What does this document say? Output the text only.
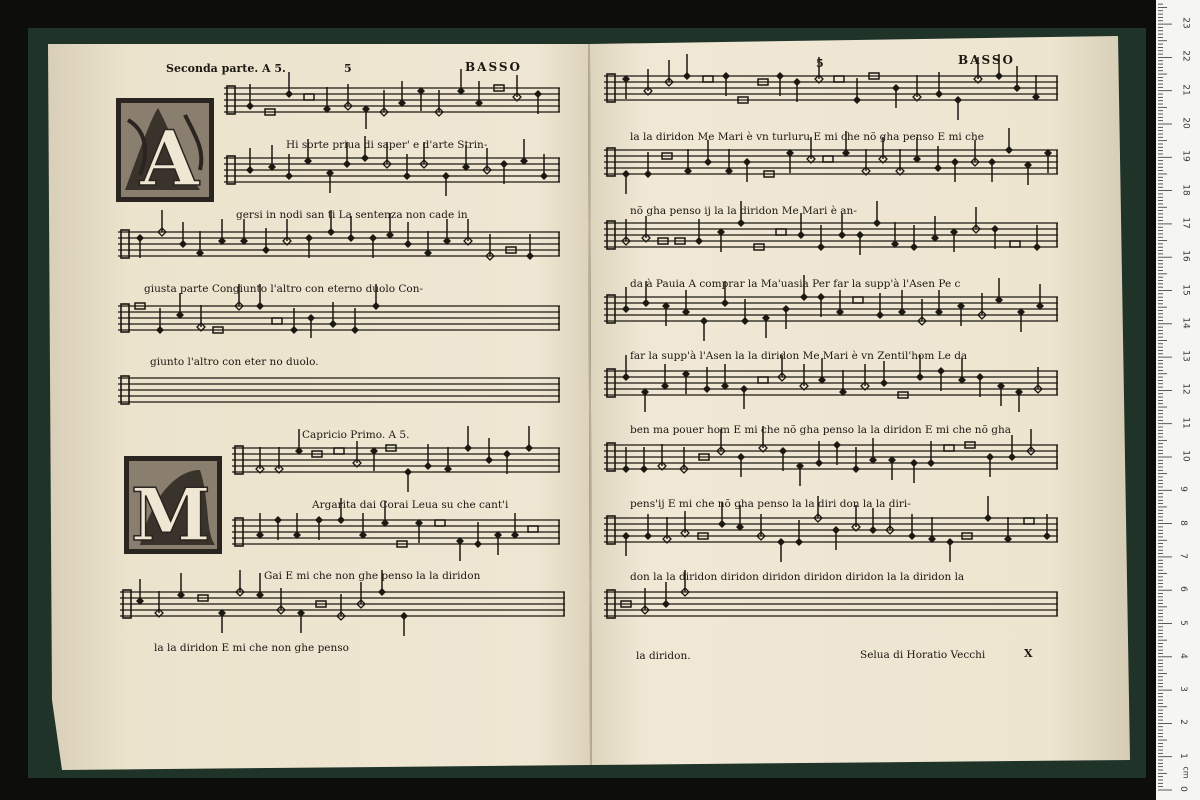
A
M
Seconda parte. A 5.	5	BASSO
Hi sorte priua di saper' e d'arte Strin-
gersi in nodi san ti La sentenza non cade in
giusta parte Congiunto l'altro con eterno duolo Con-
giunto l'altro con eter no duolo.
Capricio Primo. A 5.
Argarita dai Corai Leua su che cant'i
Gai E mi che non ghe penso la la diridon
la la diridon E mi che non ghe penso
5	BASSO
la la diridon Me Mari è vn turluru E mi che nõ gha penso E mi che
nõ gha penso ij la la diridon Me Mari è an-
da à Pauia A comprar la Ma'uasia Per far la supp'à l'Asen Pe c
far la supp'à l'Asen la la diridon Me Mari è vn Zentil'hom Le da
ben ma pouer hom E mi che nõ gha penso la la diridon E mi che nõ gha
pens'ij E mi che nõ gha penso la la diri don la la diri-
don la la diridon diridon diridon diridon diridon la la diridon la
la diridon.	Selua di Horatio Vecchi	X
0
1
2
3
4
5
6
7
8
9
10
11
12
13
14
15
16
17
18
19
20
21
22
23
cm
